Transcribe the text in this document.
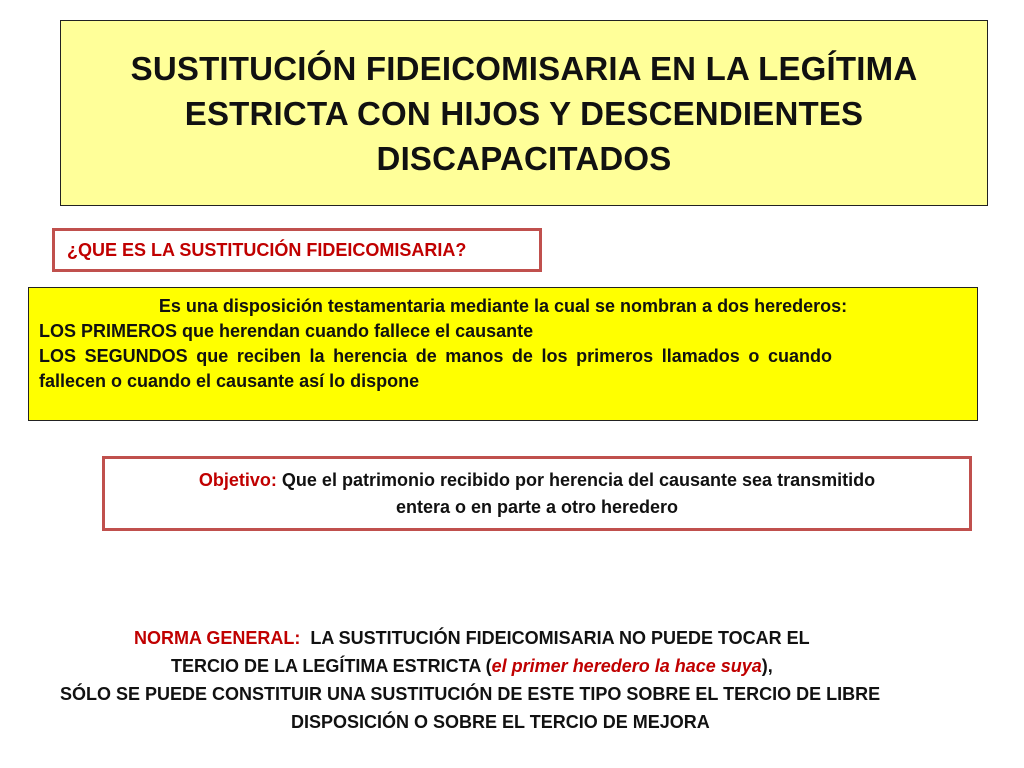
SUSTITUCIÓN FIDEICOMISARIA EN LA LEGÍTIMA
ESTRICTA CON HIJOS Y DESCENDIENTES
DISCAPACITADOS
¿QUE ES LA SUSTITUCIÓN FIDEICOMISARIA?
Es una disposición testamentaria mediante la cual se nombran a dos herederos:
LOS PRIMEROS que herendan cuando fallece el causante
LOS SEGUNDOS que reciben la herencia de manos de los primeros llamados o cuando
fallecen o cuando el causante así lo dispone
Objetivo: Que el patrimonio recibido por herencia del causante sea transmitido
entera o en parte a otro heredero
NORMA GENERAL:  LA SUSTITUCIÓN FIDEICOMISARIA NO PUEDE TOCAR EL
TERCIO DE LA LEGÍTIMA ESTRICTA (el primer heredero la hace suya),
SÓLO SE PUEDE CONSTITUIR UNA SUSTITUCIÓN DE ESTE TIPO SOBRE EL TERCIO DE LIBRE
DISPOSICIÓN O SOBRE EL TERCIO DE MEJORA
